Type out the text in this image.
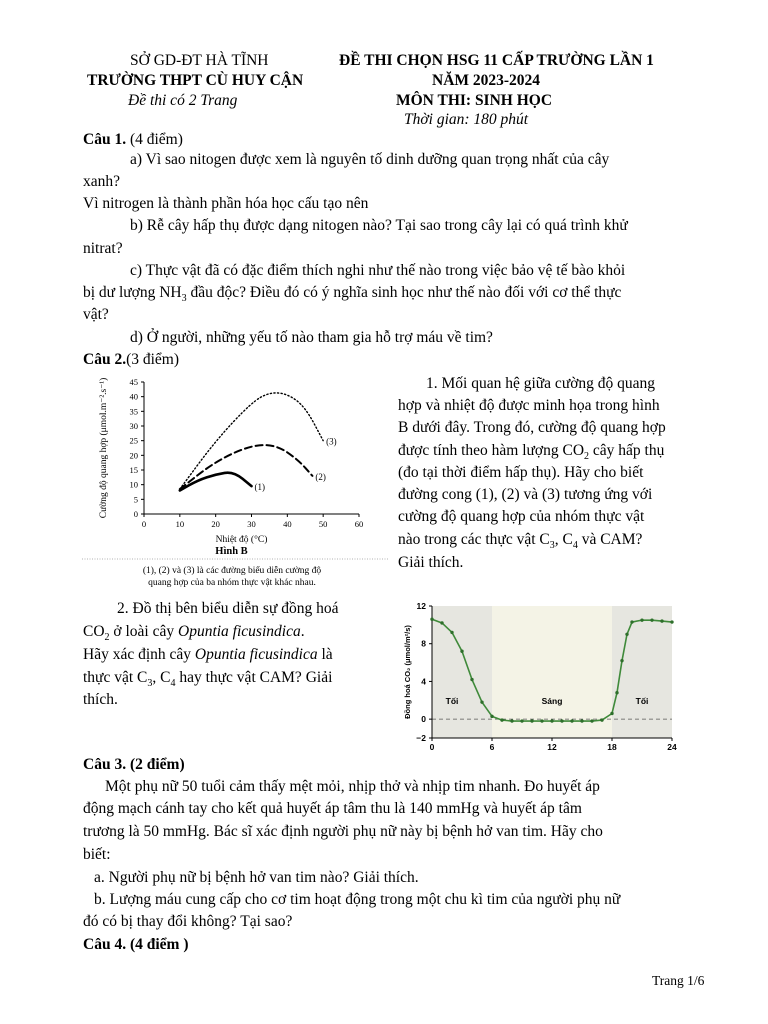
SỞ GD-ĐT HÀ TĨNH
TRƯỜNG THPT CÙ HUY CẬN
Đề thi có 2 Trang
ĐỀ THI CHỌN HSG 11 CẤP TRƯỜNG LẦN 1
NĂM 2023-2024
MÔN THI: SINH HỌC
Thời gian: 180 phút
Câu 1. (4 điểm)
a) Vì sao nitogen được xem là nguyên tố dinh dưỡng quan trọng nhất của cây
xanh?
Vì nitrogen là thành phần hóa học cấu tạo nên
b) Rễ cây hấp thụ được dạng nitogen nào? Tại sao trong cây lại có quá trình khử
nitrat?
c) Thực vật đã có đặc điểm thích nghi như thế nào trong việc bảo vệ tế bào khỏi
bị dư lượng $NH_3$ đầu độc? Điều đó có ý nghĩa sinh học như thế nào đối với cơ thể thực
vật?
d) Ở người, những yếu tố nào tham gia hỗ trợ máu về tim?
Câu 2.(3 điểm)
0	10	20	30	40	50	60
0
5
10
15
20
25
30
35
40
45
Nhiệt độ (°C)
Cường độ quang hợp (μmol.m⁻².s⁻¹)
Hình B
(1), (2) và (3) là các đường biểu diễn cường độ
quang hợp của ba nhóm thực vật khác nhau.
(1)
(2)
(3)
1. Mối quan hệ giữa cường độ quang
hợp và nhiệt độ được minh họa trong hình
B dưới đây. Trong đó, cường độ quang hợp
được tính theo hàm lượng $CO_2$ cây hấp thụ
(đo tại thời điểm hấp thụ). Hãy cho biết
đường cong (1), (2) và (3) tương ứng với
cường độ quang hợp của nhóm thực vật
nào trong các thực vật $C_3$, $C_4$ và CAM?
Giải thích.
2. Đồ thị bên biểu diễn sự đồng hoá
$CO_2$ ở loài cây Opuntia ficusindica.
Hãy xác định cây Opuntia ficusindica là
thực vật $C_3$, $C_4$ hay thực vật CAM? Giải
thích.
0	6	12	18	24
−2
0
4
8
12
Đồng hoá CO₂ (μmol/m²/s)	Tối	Sáng	Tối
Câu 3. (2 điểm)
Một phụ nữ 50 tuổi cảm thấy mệt mỏi, nhịp thở và nhịp tim nhanh. Đo huyết áp
động mạch cánh tay cho kết quả huyết áp tâm thu là 140 mmHg và huyết áp tâm
trương là 50 mmHg. Bác sĩ xác định người phụ nữ này bị bệnh hở van tim. Hãy cho
biết:
a. Người phụ nữ bị bệnh hở van tim nào? Giải thích.
b. Lượng máu cung cấp cho cơ tim hoạt động trong một chu kì tim của người phụ nữ
đó có bị thay đổi không? Tại sao?
Câu 4. (4 điểm )
Trang 1/6
